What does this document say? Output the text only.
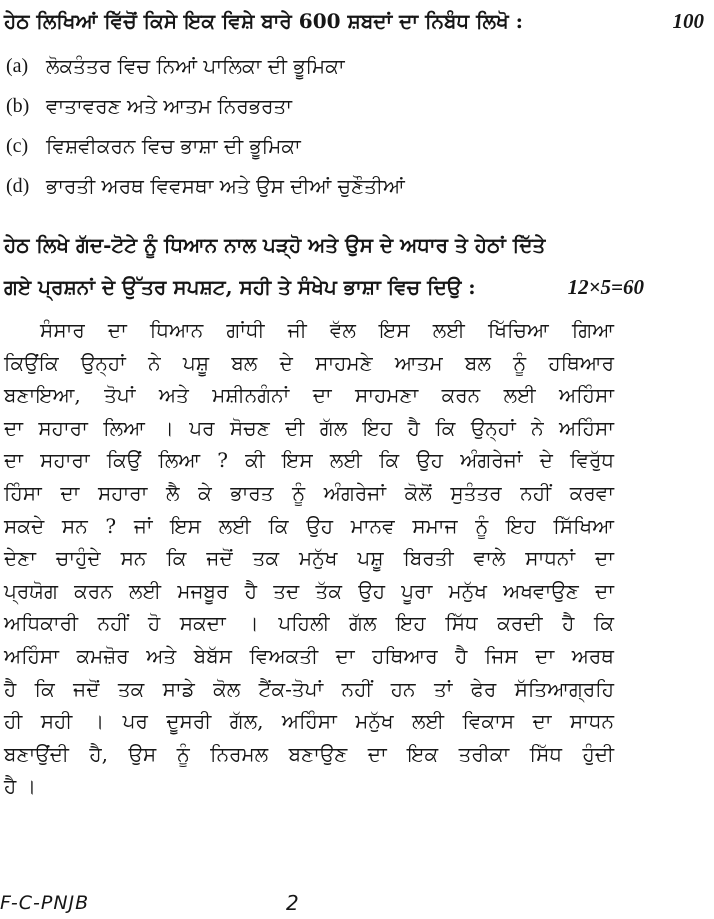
ਹੇਠ ਲਿਖਿਆਂ ਵਿੱਚੋਂ ਕਿਸੇ ਇਕ ਵਿਸ਼ੇ ਬਾਰੇ 600 ਸ਼ਬਦਾਂ ਦਾ ਨਿਬੰਧ ਲਿਖੋ :	100
(a) ਲੋਕਤੰਤਰ ਵਿਚ ਨਿਆਂ ਪਾਲਿਕਾ ਦੀ ਭੂਮਿਕਾ
(b) ਵਾਤਾਵਰਣ ਅਤੇ ਆਤਮ ਨਿਰਭਰਤਾ
(c) ਵਿਸ਼ਵੀਕਰਨ ਵਿਚ ਭਾਸ਼ਾ ਦੀ ਭੂਮਿਕਾ
(d) ਭਾਰਤੀ ਅਰਥ ਵਿਵਸਥਾ ਅਤੇ ਉਸ ਦੀਆਂ ਚੁਣੌਤੀਆਂ
ਹੇਠ ਲਿਖੇ ਗੱਦ-ਟੋਟੇ ਨੂੰ ਧਿਆਨ ਨਾਲ ਪੜ੍ਹੋ ਅਤੇ ਉਸ ਦੇ ਅਧਾਰ ਤੇ ਹੇਠਾਂ ਦਿੱਤੇ
ਗਏ ਪ੍ਰਸ਼ਨਾਂ ਦੇ ਉੱਤਰ ਸਪਸ਼ਟ, ਸਹੀ ਤੇ ਸੰਖੇਪ ਭਾਸ਼ਾ ਵਿਚ ਦਿਉ :	12×5=60
ਸੰਸਾਰ ਦਾ ਧਿਆਨ ਗਾਂਧੀ ਜੀ ਵੱਲ ਇਸ ਲਈ ਖਿੱਚਿਆ ਗਿਆ
ਕਿਉਂਕਿ ਉਨ੍ਹਾਂ ਨੇ ਪਸ਼ੂ ਬਲ ਦੇ ਸਾਹਮਣੇ ਆਤਮ ਬਲ ਨੂੰ ਹਥਿਆਰ
ਬਣਾਇਆ, ਤੋਪਾਂ ਅਤੇ ਮਸ਼ੀਨਗੰਨਾਂ ਦਾ ਸਾਹਮਣਾ ਕਰਨ ਲਈ ਅਹਿੰਸਾ
ਦਾ ਸਹਾਰਾ ਲਿਆ । ਪਰ ਸੋਚਣ ਦੀ ਗੱਲ ਇਹ ਹੈ ਕਿ ਉਨ੍ਹਾਂ ਨੇ ਅਹਿੰਸਾ
ਦਾ ਸਹਾਰਾ ਕਿਉਂ ਲਿਆ ? ਕੀ ਇਸ ਲਈ ਕਿ ਉਹ ਅੰਗਰੇਜਾਂ ਦੇ ਵਿਰੁੱਧ
ਹਿੰਸਾ ਦਾ ਸਹਾਰਾ ਲੈ ਕੇ ਭਾਰਤ ਨੂੰ ਅੰਗਰੇਜਾਂ ਕੋਲੋਂ ਸੁਤੰਤਰ ਨਹੀਂ ਕਰਵਾ
ਸਕਦੇ ਸਨ ? ਜਾਂ ਇਸ ਲਈ ਕਿ ਉਹ ਮਾਨਵ ਸਮਾਜ ਨੂੰ ਇਹ ਸਿੱਖਿਆ
ਦੇਣਾ ਚਾਹੁੰਦੇ ਸਨ ਕਿ ਜਦੋਂ ਤਕ ਮਨੁੱਖ ਪਸ਼ੂ ਬਿਰਤੀ ਵਾਲੇ ਸਾਧਨਾਂ ਦਾ
ਪ੍ਰਯੋਗ ਕਰਨ ਲਈ ਮਜਬੂਰ ਹੈ ਤਦ ਤੱਕ ਉਹ ਪੂਰਾ ਮਨੁੱਖ ਅਖਵਾਉਣ ਦਾ
ਅਧਿਕਾਰੀ ਨਹੀਂ ਹੋ ਸਕਦਾ । ਪਹਿਲੀ ਗੱਲ ਇਹ ਸਿੱਧ ਕਰਦੀ ਹੈ ਕਿ
ਅਹਿੰਸਾ ਕਮਜ਼ੋਰ ਅਤੇ ਬੇਬੱਸ ਵਿਅਕਤੀ ਦਾ ਹਥਿਆਰ ਹੈ ਜਿਸ ਦਾ ਅਰਥ
ਹੈ ਕਿ ਜਦੋਂ ਤਕ ਸਾਡੇ ਕੋਲ ਟੈਂਕ-ਤੋਪਾਂ ਨਹੀਂ ਹਨ ਤਾਂ ਫੇਰ ਸੱਤਿਆਗ੍ਰਹਿ
ਹੀ ਸਹੀ । ਪਰ ਦੂਸਰੀ ਗੱਲ, ਅਹਿੰਸਾ ਮਨੁੱਖ ਲਈ ਵਿਕਾਸ ਦਾ ਸਾਧਨ
ਬਣਾਉਂਦੀ ਹੈ, ਉਸ ਨੂੰ ਨਿਰਮਲ ਬਣਾਉਣ ਦਾ ਇਕ ਤਰੀਕਾ ਸਿੱਧ ਹੁੰਦੀ
ਹੈ ।
F-C-PNJB	2
